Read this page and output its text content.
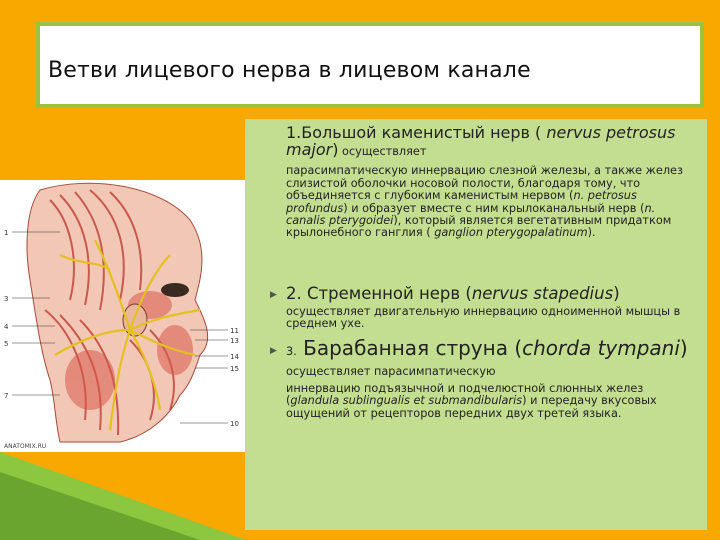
Ветви лицевого нерва в лицевом канале
1
3
4
5
7
11
13
14
15
10
ANATOMIX.RU
1.Большой каменистый нерв ( nervus petrosus major) осуществляет
парасимпатическую иннервацию слезной железы, а также желез слизистой оболочки носовой полости, благодаря тому, что объединяется с глубоким каменистым нервом (n. petrosus profundus) и образует вместе с ним крылоканальный нерв (n. canalis pterygoidei), который является вегетативным придатком крылонебного ганглия ( ganglion pterygopalatinum).
▶ 2. Стременной нерв (nervus stapedius)
осуществляет двигательную иннервацию одноименной мышцы в среднем ухе.
▶ 3. Барабанная струна (chorda tympani) осуществляет парасимпатическую
иннервацию подъязычной и подчелюстной слюнных желез (glandula sublingualis et submandibularis) и передачу вкусовых ощущений от рецепторов передних двух третей языка.
